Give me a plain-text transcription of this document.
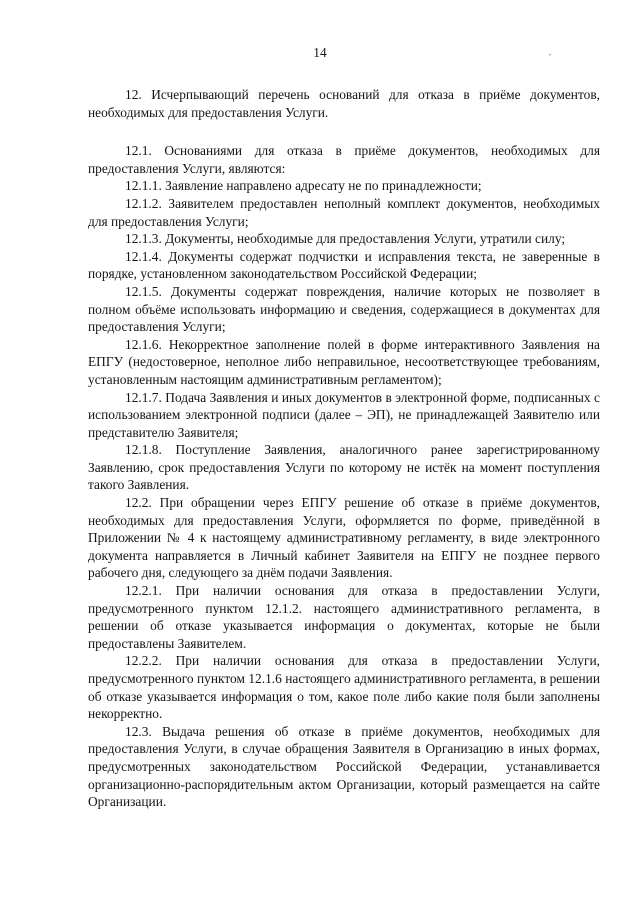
14	•

12. Исчерпывающий перечень оснований для отказа в приёме документов, необходимых для предоставления Услуги.

12.1. Основаниями для отказа в приёме документов, необходимых для предоставления Услуги, являются:

12.1.1. Заявление направлено адресату не по принадлежности;

12.1.2. Заявителем предоставлен неполный комплект документов, необходимых для предоставления Услуги;

12.1.3. Документы, необходимые для предоставления Услуги, утратили силу;

12.1.4. Документы содержат подчистки и исправления текста, не заверенные в порядке, установленном законодательством Российской Федерации;

12.1.5. Документы содержат повреждения, наличие которых не позволяет в полном объёме использовать информацию и сведения, содержащиеся в документах для предоставления Услуги;

12.1.6. Некорректное заполнение полей в форме интерактивного Заявления на ЕПГУ (недостоверное, неполное либо неправильное, несоответствующее требованиям, установленным настоящим административным регламентом);

12.1.7. Подача Заявления и иных документов в электронной форме, подписанных с использованием электронной подписи (далее – ЭП), не принадлежащей Заявителю или представителю Заявителя;

12.1.8. Поступление Заявления, аналогичного ранее зарегистрированному Заявлению, срок предоставления Услуги по которому не истёк на момент поступления такого Заявления.

12.2. При обращении через ЕПГУ решение об отказе в приёме документов, необходимых для предоставления Услуги, оформляется по форме, приведённой в Приложении № 4 к настоящему административному регламенту, в виде электронного документа направляется в Личный кабинет Заявителя на ЕПГУ не позднее первого рабочего дня, следующего за днём подачи Заявления.

12.2.1. При наличии основания для отказа в предоставлении Услуги, предусмотренного пунктом 12.1.2. настоящего административного регламента, в решении об отказе указывается информация о документах, которые не были предоставлены Заявителем.

12.2.2. При наличии основания для отказа в предоставлении Услуги, предусмотренного пунктом 12.1.6 настоящего административного регламента, в решении об отказе указывается информация о том, какое поле либо какие поля были заполнены некорректно.

12.3. Выдача решения об отказе в приёме документов, необходимых для предоставления Услуги, в случае обращения Заявителя в Организацию в иных формах, предусмотренных законодательством Российской Федерации, устанавливается организационно-распорядительным актом Организации, который размещается на сайте Организации.
